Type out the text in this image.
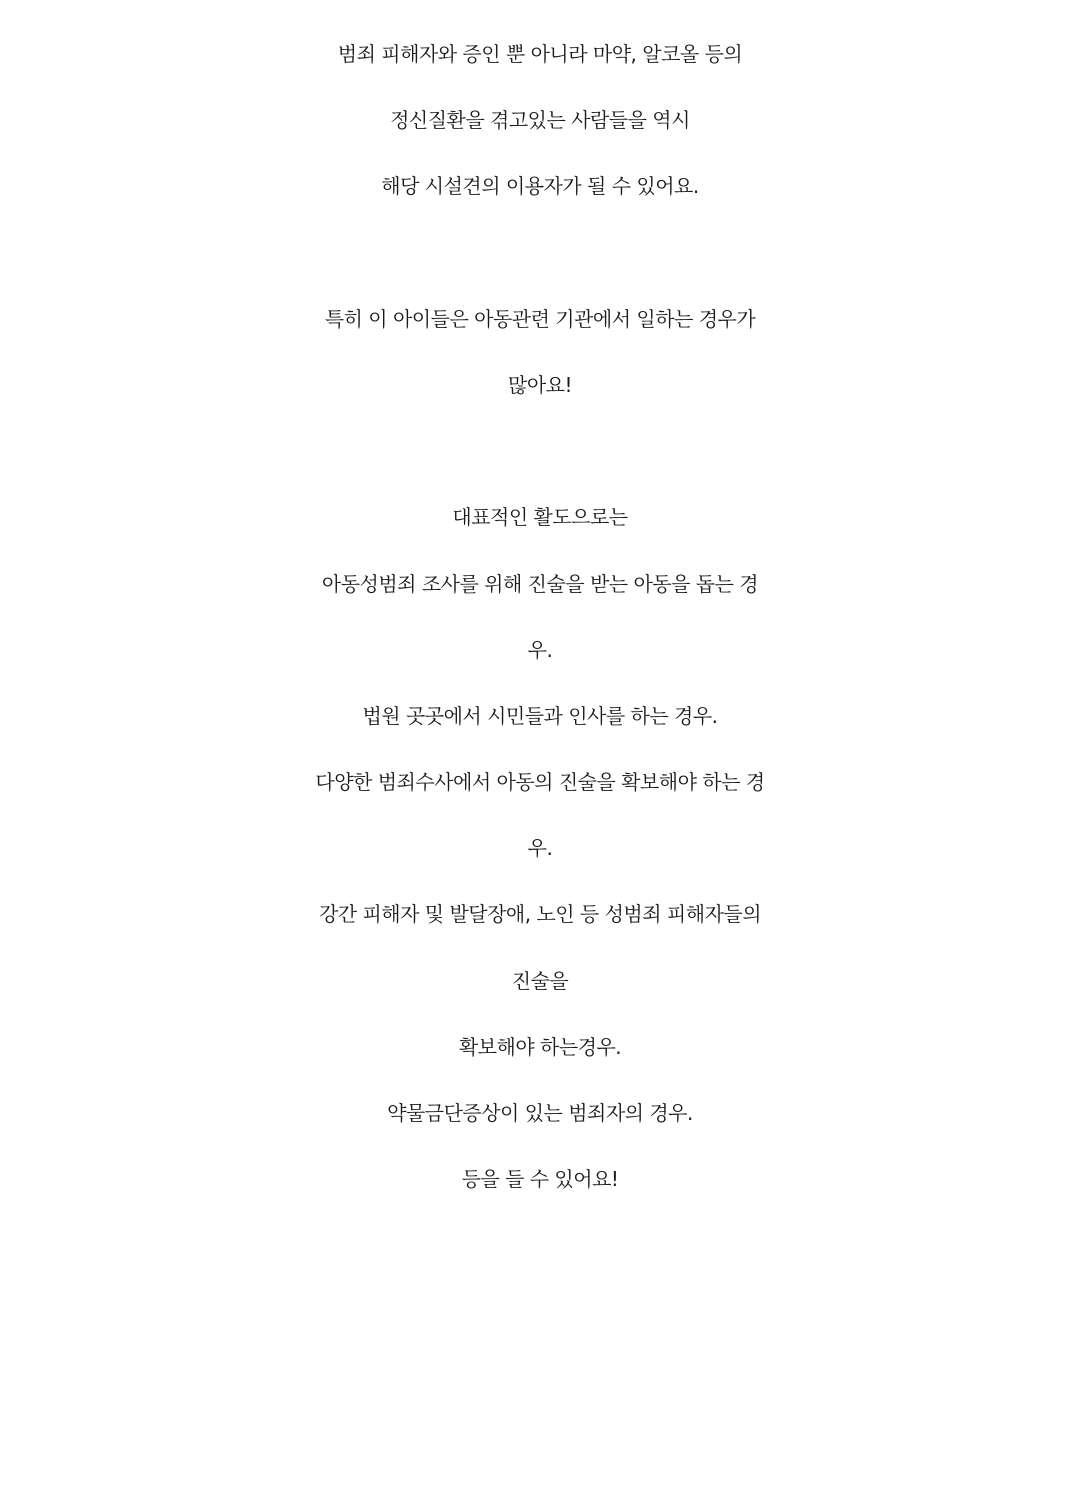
범죄 피해자와 증인 뿐 아니라 마약, 알코올 등의
정신질환을 겪고있는 사람들을 역시
해당 시설견의 이용자가 될 수 있어요.
특히 이 아이들은 아동관련 기관에서 일하는 경우가
많아요!
대표적인 활도으로는
아동성범죄 조사를 위해 진술을 받는 아동을 돕는 경
우.
법원 곳곳에서 시민들과 인사를 하는 경우.
다양한 범죄수사에서 아동의 진술을 확보해야 하는 경
우.
강간 피해자 및 발달장애, 노인 등 성범죄 피해자들의
진술을
확보해야 하는경우.
약물금단증상이 있는 범죄자의 경우.
등을 들 수 있어요!
